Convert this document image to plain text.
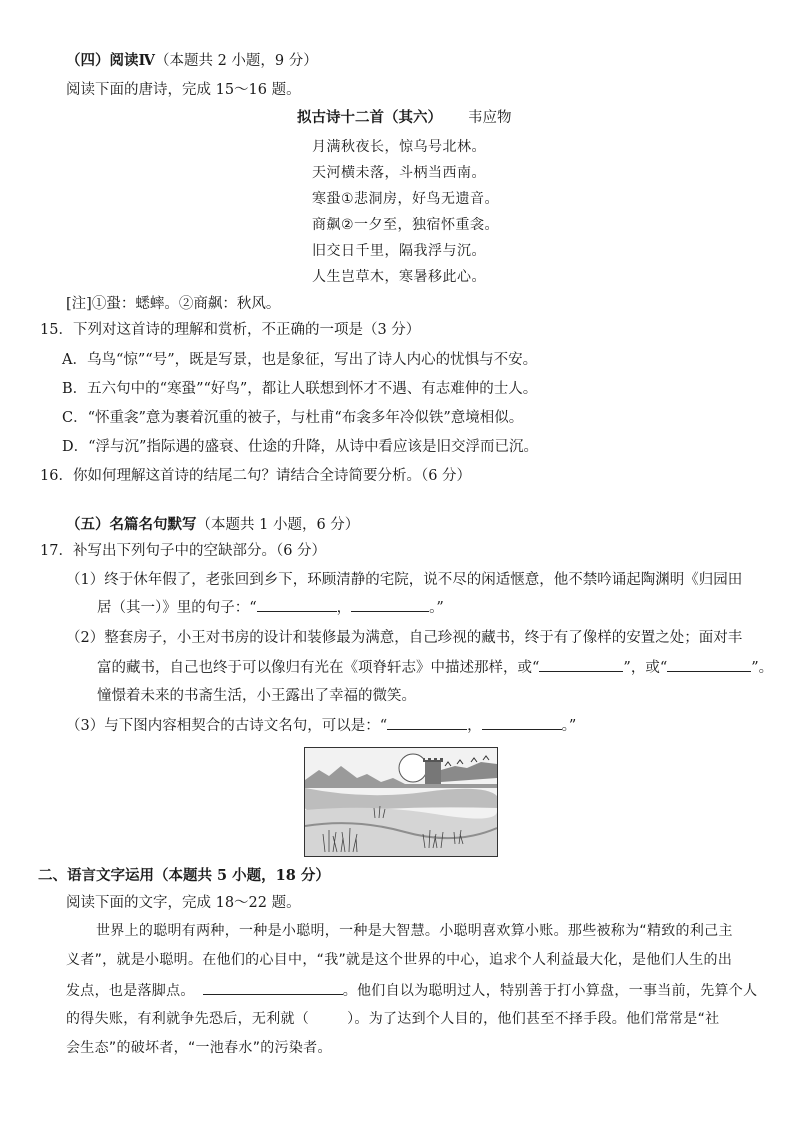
（四）阅读Ⅳ（本题共 2 小题，9 分）
阅读下面的唐诗，完成 15～16 题。
拟古诗十二首（其六） 韦应物
月满秋夜长，惊乌号北林。
天河横未落，斗柄当西南。
寒蛩①悲洞房，好鸟无遗音。
商飙②一夕至，独宿怀重衾。
旧交日千里，隔我浮与沉。
人生岂草木，寒暑移此心。
[注]①蛩：蟋蟀。②商飙：秋风。
15．下列对这首诗的理解和赏析，不正确的一项是（3 分）
A．乌鸟“惊”“号”，既是写景，也是象征，写出了诗人内心的忧惧与不安。
B．五六句中的“寒蛩”“好鸟”，都让人联想到怀才不遇、有志难伸的士人。
C．“怀重衾”意为裹着沉重的被子，与杜甫“布衾多年冷似铁”意境相似。
D．“浮与沉”指际遇的盛衰、仕途的升降，从诗中看应该是旧交浮而已沉。
16．你如何理解这首诗的结尾二句？请结合全诗简要分析。（6 分）
（五）名篇名句默写（本题共 1 小题，6 分）
17．补写出下列句子中的空缺部分。（6 分）
（1）终于休年假了，老张回到乡下，环顾清静的宅院，说不尽的闲适惬意，他不禁吟诵起陶渊明《归园田
居（其一）》里的句子：“	，	。”
（2）整套房子，小王对书房的设计和装修最为满意，自己珍视的藏书，终于有了像样的安置之处；面对丰
富的藏书，自己也终于可以像归有光在《项脊轩志》中描述那样，或“	”，或“	”。
憧憬着未来的书斋生活，小王露出了幸福的微笑。
（3）与下图内容相契合的古诗文名句，可以是：“	，	。”
二、语言文字运用（本题共 5 小题，18 分）
阅读下面的文字，完成 18～22 题。
世界上的聪明有两种，一种是小聪明，一种是大智慧。小聪明喜欢算小账。那些被称为“精致的利己主
义者”，就是小聪明。在他们的心目中，“我”就是这个世界的中心，追求个人利益最大化，是他们人生的出
发点，也是落脚点。	。他们自以为聪明过人，特别善于打小算盘，一事当前，先算个人
的得失账，有利就争先恐后，无利就（	）。为了达到个人目的，他们甚至不择手段。他们常常是“社
会生态”的破坏者，“一池春水”的污染者。
